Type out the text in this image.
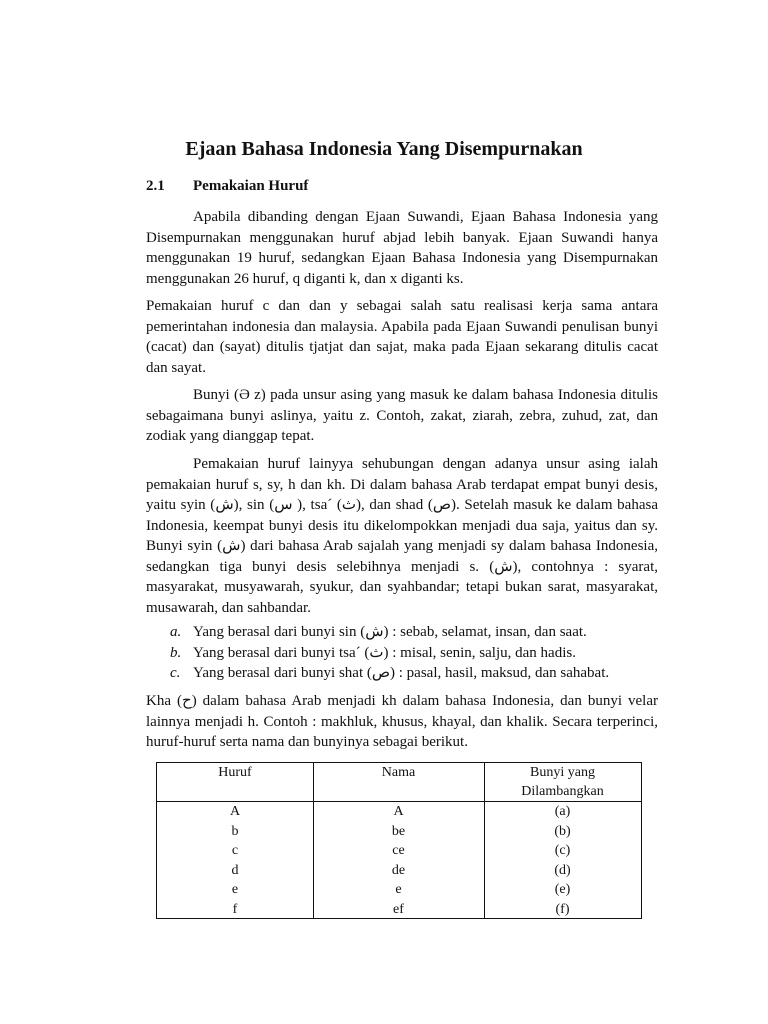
Ejaan Bahasa Indonesia Yang Disempurnakan
2.1 Pemakaian Huruf
Apabila dibanding dengan Ejaan Suwandi, Ejaan Bahasa Indonesia yang Disempurnakan menggunakan huruf abjad lebih banyak. Ejaan Suwandi hanya menggunakan 19 huruf, sedangkan Ejaan Bahasa Indonesia yang Disempurnakan menggunakan 26 huruf, q diganti k, dan x diganti ks.
Pemakaian huruf c dan dan y sebagai salah satu realisasi kerja sama antara pemerintahan indonesia dan malaysia. Apabila pada Ejaan Suwandi penulisan bunyi (cacat) dan (sayat) ditulis tjatjat dan sajat, maka pada Ejaan sekarang ditulis cacat dan sayat.
Bunyi (Ə z) pada unsur asing yang masuk ke dalam bahasa Indonesia ditulis sebagaimana bunyi aslinya, yaitu z. Contoh, zakat, ziarah, zebra, zuhud, zat, dan zodiak yang dianggap tepat.
Pemakaian huruf lainyya sehubungan dengan adanya unsur asing ialah pemakaian huruf s, sy, h dan kh. Di dalam bahasa Arab terdapat empat bunyi desis, yaitu syin (ش), sin (س ), tsa´ (ث), dan shad (ص). Setelah masuk ke dalam bahasa Indonesia, keempat bunyi desis itu dikelompokkan menjadi dua saja, yaitus dan sy. Bunyi syin (ش) dari bahasa Arab sajalah yang menjadi sy dalam bahasa Indonesia, sedangkan tiga bunyi desis selebihnya menjadi s. (ش), contohnya : syarat, masyarakat, musyawarah, syukur, dan syahbandar; tetapi bukan sarat, masyarakat, musawarah, dan sahbandar.
a. Yang berasal dari bunyi sin (ش) : sebab, selamat, insan, dan saat.
b. Yang berasal dari bunyi tsa´ (ث) : misal, senin, salju, dan hadis.
c. Yang berasal dari bunyi shat (ص) : pasal, hasil, maksud, dan sahabat.
Kha (ح) dalam bahasa Arab menjadi kh dalam bahasa Indonesia, dan bunyi velar lainnya menjadi h. Contoh : makhluk, khusus, khayal, dan khalik. Secara terperinci, huruf-huruf serta nama dan bunyinya sebagai berikut.
Huruf
A
b
c
d
e
f
Nama
A
be
ce
de
e
ef
Bunyi yang Dilambangkan
(a)
(b)
(c)
(d)
(e)
(f)
